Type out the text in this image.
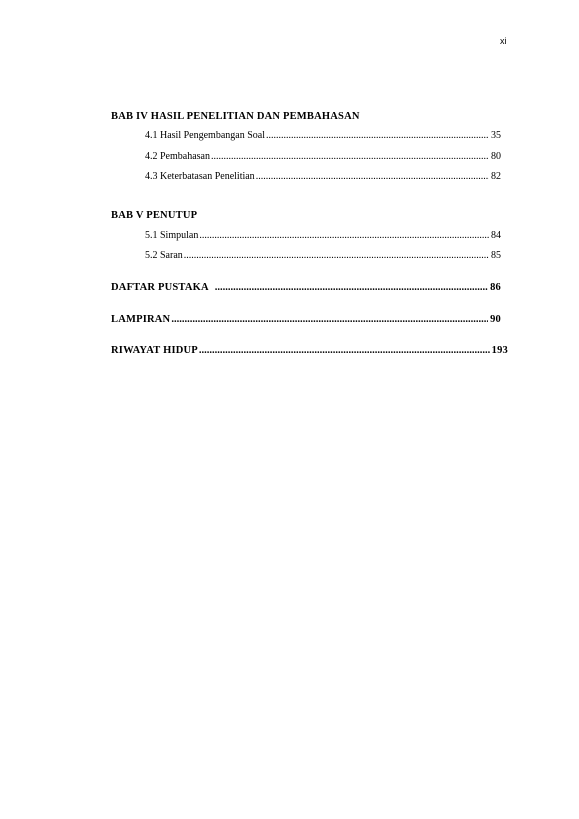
xi
BAB IV HASIL PENELITIAN DAN PEMBAHASAN
4.1 Hasil Pengembangan Soal .....	35
4.2 Pembahasan .....	80
4.3 Keterbatasan Penelitian .....	82
BAB V PENUTUP
5.1 Simpulan .....	84
5.2 Saran .....	85
DAFTAR PUSTAKA .....	86
LAMPIRAN .....	90
RIWAYAT HIDUP .....	193
